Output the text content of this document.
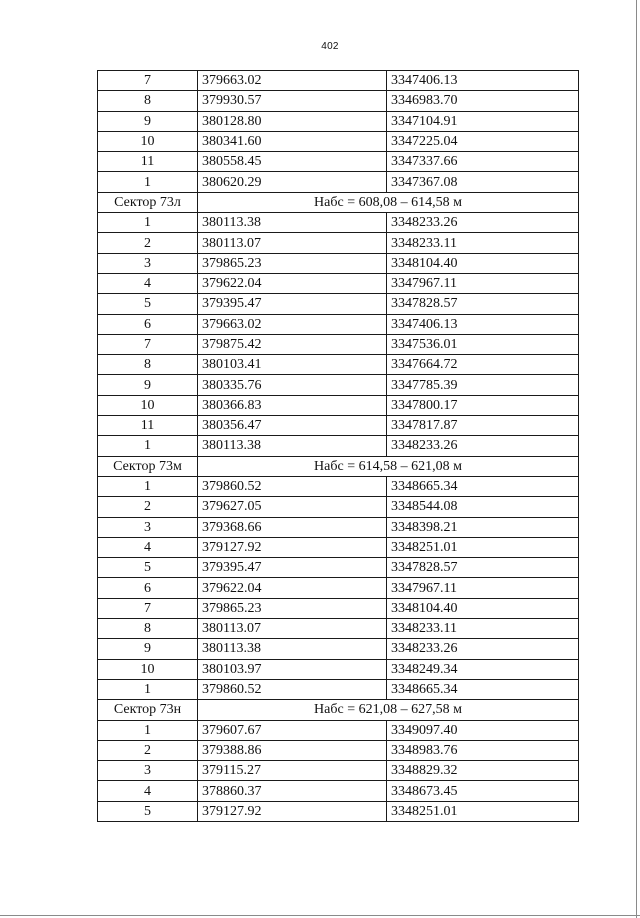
402
7	379663.02	3347406.13
8	379930.57	3346983.70
9	380128.80	3347104.91
10	380341.60	3347225.04
11	380558.45	3347337.66
1	380620.29	3347367.08
Сектор 73л	Набс = 608,08 – 614,58 м	
1	380113.38	3348233.26
2	380113.07	3348233.11
3	379865.23	3348104.40
4	379622.04	3347967.11
5	379395.47	3347828.57
6	379663.02	3347406.13
7	379875.42	3347536.01
8	380103.41	3347664.72
9	380335.76	3347785.39
10	380366.83	3347800.17
11	380356.47	3347817.87
1	380113.38	3348233.26
Сектор 73м	Набс = 614,58 – 621,08 м	
1	379860.52	3348665.34
2	379627.05	3348544.08
3	379368.66	3348398.21
4	379127.92	3348251.01
5	379395.47	3347828.57
6	379622.04	3347967.11
7	379865.23	3348104.40
8	380113.07	3348233.11
9	380113.38	3348233.26
10	380103.97	3348249.34
1	379860.52	3348665.34
Сектор 73н	Набс = 621,08 – 627,58 м	
1	379607.67	3349097.40
2	379388.86	3348983.76
3	379115.27	3348829.32
4	378860.37	3348673.45
5	379127.92	3348251.01
